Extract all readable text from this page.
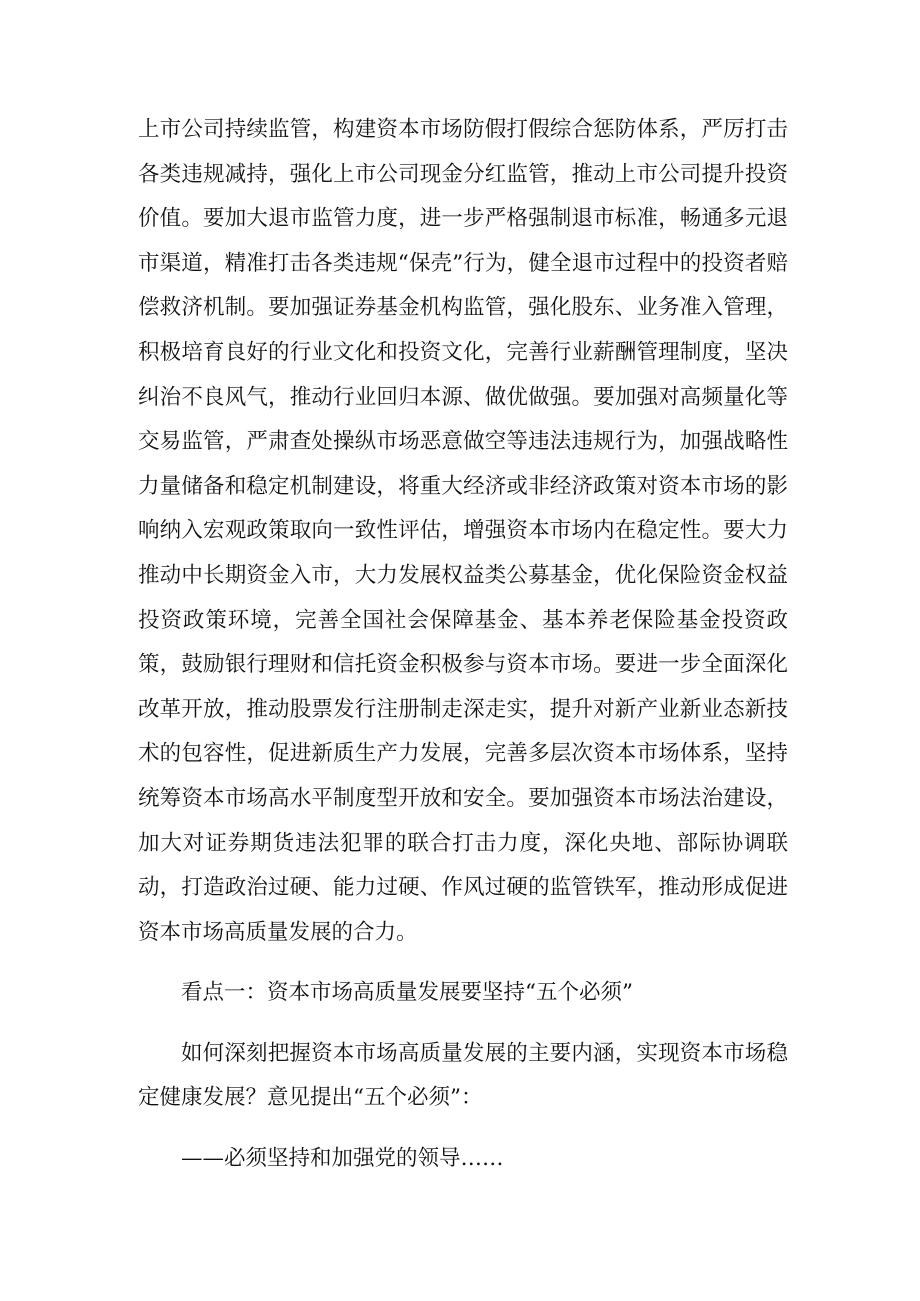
上市公司持续监管，构建资本市场防假打假综合惩防体系，严厉打击各类违规减持，强化上市公司现金分红监管，推动上市公司提升投资价值。要加大退市监管力度，进一步严格强制退市标准，畅通多元退市渠道，精准打击各类违规“保壳”行为，健全退市过程中的投资者赔偿救济机制。要加强证券基金机构监管，强化股东、业务准入管理，积极培育良好的行业文化和投资文化，完善行业薪酬管理制度，坚决纠治不良风气，推动行业回归本源、做优做强。要加强对高频量化等交易监管，严肃查处操纵市场恶意做空等违法违规行为，加强战略性力量储备和稳定机制建设，将重大经济或非经济政策对资本市场的影响纳入宏观政策取向一致性评估，增强资本市场内在稳定性。要大力推动中长期资金入市，大力发展权益类公募基金，优化保险资金权益投资政策环境，完善全国社会保障基金、基本养老保险基金投资政策，鼓励银行理财和信托资金积极参与资本市场。要进一步全面深化改革开放，推动股票发行注册制走深走实，提升对新产业新业态新技术的包容性，促进新质生产力发展，完善多层次资本市场体系，坚持统筹资本市场高水平制度型开放和安全。要加强资本市场法治建设，加大对证券期货违法犯罪的联合打击力度，深化央地、部际协调联动，打造政治过硬、能力过硬、作风过硬的监管铁军，推动形成促进资本市场高质量发展的合力。

看点一：资本市场高质量发展要坚持“五个必须”

如何深刻把握资本市场高质量发展的主要内涵，实现资本市场稳定健康发展？意见提出“五个必须”：

——必须坚持和加强党的领导……
